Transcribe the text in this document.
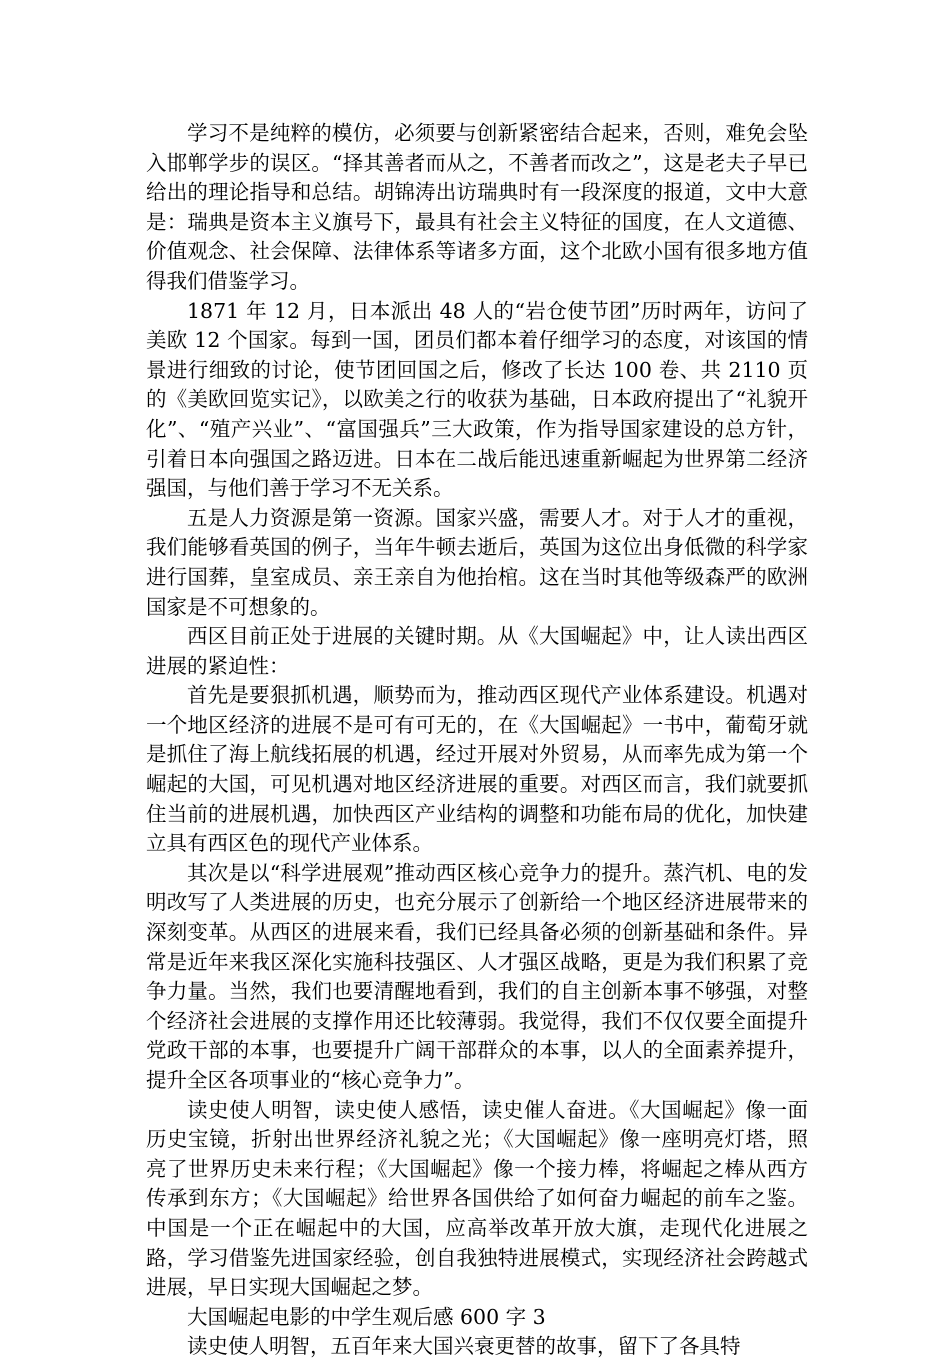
学习不是纯粹的模仿，必须要与创新紧密结合起来，否则，难免会坠入邯郸学步的误区。“择其善者而从之，不善者而改之”，这是老夫子早已给出的理论指导和总结。胡锦涛出访瑞典时有一段深度的报道，文中大意是：瑞典是资本主义旗号下，最具有社会主义特征的国度，在人文道德、价值观念、社会保障、法律体系等诸多方面，这个北欧小国有很多地方值得我们借鉴学习。

1871 年 12 月，日本派出 48 人的“岩仓使节团”历时两年，访问了美欧 12 个国家。每到一国，团员们都本着仔细学习的态度，对该国的情景进行细致的讨论，使节团回国之后，修改了长达 100 卷、共 2110 页的《美欧回览实记》，以欧美之行的收获为基础，日本政府提出了“礼貌开化”、“殖产兴业”、“富国强兵”三大政策，作为指导国家建设的总方针，引着日本向强国之路迈进。日本在二战后能迅速重新崛起为世界第二经济强国，与他们善于学习不无关系。

五是人力资源是第一资源。国家兴盛，需要人才。对于人才的重视，我们能够看英国的例子，当年牛顿去逝后，英国为这位出身低微的科学家进行国葬，皇室成员、亲王亲自为他抬棺。这在当时其他等级森严的欧洲国家是不可想象的。

西区目前正处于进展的关键时期。从《大国崛起》中，让人读出西区进展的紧迫性：

首先是要狠抓机遇，顺势而为，推动西区现代产业体系建设。机遇对一个地区经济的进展不是可有可无的，在《大国崛起》一书中，葡萄牙就是抓住了海上航线拓展的机遇，经过开展对外贸易，从而率先成为第一个崛起的大国，可见机遇对地区经济进展的重要。对西区而言，我们就要抓住当前的进展机遇，加快西区产业结构的调整和功能布局的优化，加快建立具有西区色的现代产业体系。

其次是以“科学进展观”推动西区核心竞争力的提升。蒸汽机、电的发明改写了人类进展的历史，也充分展示了创新给一个地区经济进展带来的深刻变革。从西区的进展来看，我们已经具备必须的创新基础和条件。异常是近年来我区深化实施科技强区、人才强区战略，更是为我们积累了竞争力量。当然，我们也要清醒地看到，我们的自主创新本事不够强，对整个经济社会进展的支撑作用还比较薄弱。我觉得，我们不仅仅要全面提升党政干部的本事，也要提升广阔干部群众的本事，以人的全面素养提升，提升全区各项事业的“核心竞争力”。

读史使人明智，读史使人感悟，读史催人奋进。《大国崛起》像一面历史宝镜，折射出世界经济礼貌之光；《大国崛起》像一座明亮灯塔，照亮了世界历史未来行程；《大国崛起》像一个接力棒，将崛起之棒从西方传承到东方；《大国崛起》给世界各国供给了如何奋力崛起的前车之鉴。中国是一个正在崛起中的大国，应高举改革开放大旗，走现代化进展之路，学习借鉴先进国家经验，创自我独特进展模式，实现经济社会跨越式进展，早日实现大国崛起之梦。

大国崛起电影的中学生观后感 600 字 3

读史使人明智，五百年来大国兴衰更替的故事，留下了各具特
